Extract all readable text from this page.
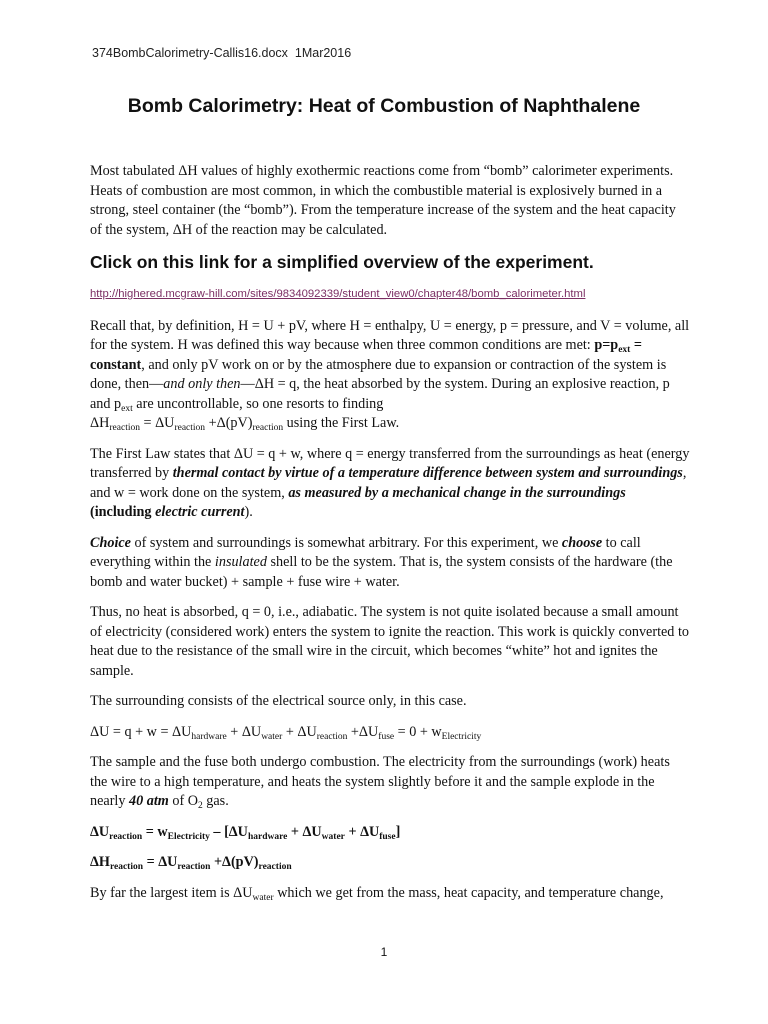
374BombCalorimetry-Callis16.docx 1Mar2016
Bomb Calorimetry: Heat of Combustion of Naphthalene

Most tabulated ΔH values of highly exothermic reactions come from “bomb” calorimeter experiments. Heats of combustion are most common, in which the combustible material is explosively burned in a strong, steel container (the “bomb”). From the temperature increase of the system and the heat capacity of the system, ΔH of the reaction may be calculated.

Click on this link for a simplified overview of the experiment.

http://highered.mcgraw-hill.com/sites/9834092339/student_view0/chapter48/bomb_calorimeter.html

Recall that, by definition, H = U + pV, where H = enthalpy, U = energy, p = pressure, and V = volume, all for the system. H was defined this way because when three common conditions are met: $p=p_{ext}$ = constant, and only pV work on or by the atmosphere due to expansion or contraction of the system is done, then—and only then—ΔH = q, the heat absorbed by the system. During an explosive reaction, p and $p_{ext}$ are uncontrollable, so one resorts to finding
$\Delta H_{reaction} = \Delta U_{reaction} +\Delta(pV)_{reaction}$ using the First Law.

The First Law states that ΔU = q + w, where q = energy transferred from the surroundings as heat (energy transferred by thermal contact by virtue of a temperature difference between system and surroundings, and w = work done on the system, as measured by a mechanical change in the surroundings (including electric current).

Choice of system and surroundings is somewhat arbitrary. For this experiment, we choose to call everything within the insulated shell to be the system. That is, the system consists of the hardware (the bomb and water bucket) + sample + fuse wire + water.

Thus, no heat is absorbed, q = 0, i.e., adiabatic. The system is not quite isolated because a small amount of electricity (considered work) enters the system to ignite the reaction. This work is quickly converted to heat due to the resistance of the small wire in the circuit, which becomes “white” hot and ignites the sample.

The surrounding consists of the electrical source only, in this case.

$\Delta U = q + w = \Delta U_{hardware} + \Delta U_{water} + \Delta U_{reaction} +\Delta U_{fuse} = 0 + w_{Electricity}$

The sample and the fuse both undergo combustion. The electricity from the surroundings (work) heats the wire to a high temperature, and heats the system slightly before it and the sample explode in the nearly 40 atm of $O_2$ gas.

$\Delta U_{reaction} = w_{Electricity} - [\Delta U_{hardware} + \Delta U_{water} + \Delta U_{fuse}]$

$\Delta H_{reaction} = \Delta U_{reaction} +\Delta(pV)_{reaction}$

By far the largest item is $\Delta U_{water}$ which we get from the mass, heat capacity, and temperature change,

1
